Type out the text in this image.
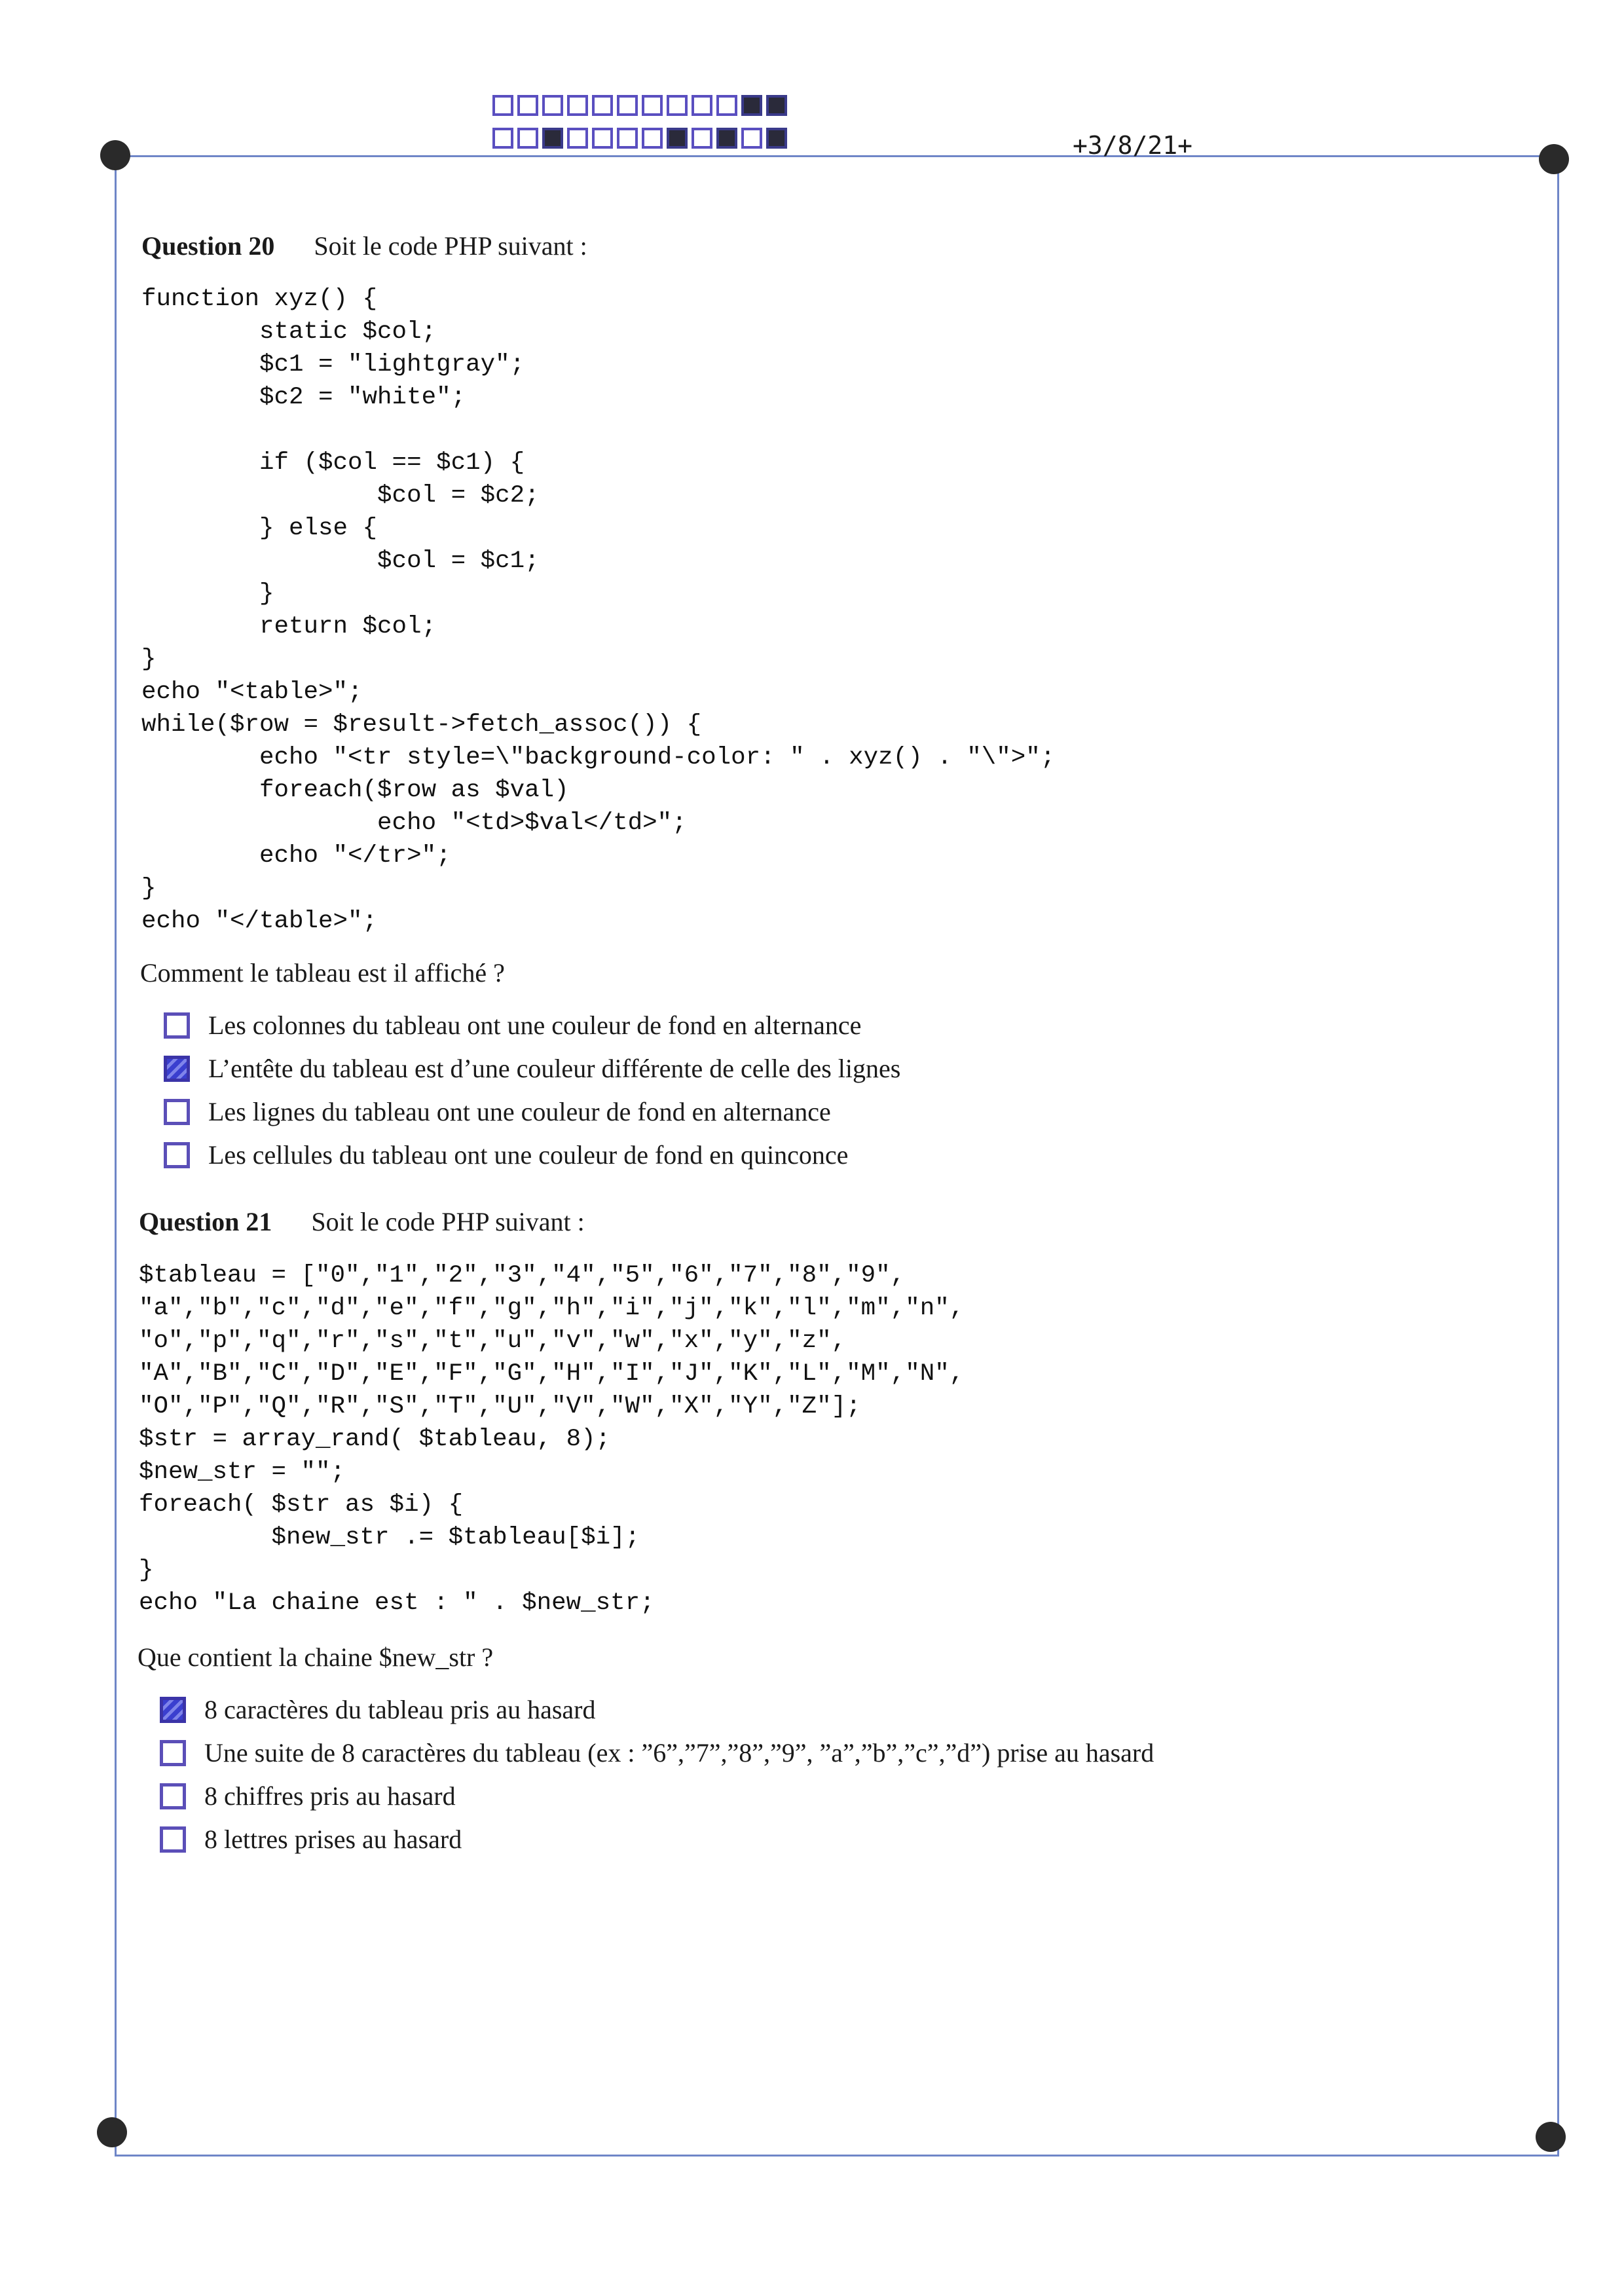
+3/8/21+
Question 20 Soit le code PHP suivant :
function xyz() {
static $col;
$c1 = "lightgray";
$c2 = "white";

if ($col == $c1) {
$col = $c2;
} else {
$col = $c1;
}
return $col;
}
echo "<table>";
while($row = $result->fetch_assoc()) {
echo "<tr style=\"background-color: " . xyz() . "\">";
foreach($row as $val)
echo "<td>$val</td>";
echo "</tr>";
}
echo "</table>";
Comment le tableau est il affiché ?
Les colonnes du tableau ont une couleur de fond en alternance
L’entête du tableau est d’une couleur différente de celle des lignes
Les lignes du tableau ont une couleur de fond en alternance
Les cellules du tableau ont une couleur de fond en quinconce
Question 21 Soit le code PHP suivant :
$tableau = ["0","1","2","3","4","5","6","7","8","9",
"a","b","c","d","e","f","g","h","i","j","k","l","m","n",
"o","p","q","r","s","t","u","v","w","x","y","z",
"A","B","C","D","E","F","G","H","I","J","K","L","M","N",
"O","P","Q","R","S","T","U","V","W","X","Y","Z"];
$str = array_rand( $tableau, 8);
$new_str = "";
foreach( $str as $i) {
$new_str .= $tableau[$i];
}
echo "La chaine est : " . $new_str;
Que contient la chaine $new_str ?
8 caractères du tableau pris au hasard
Une suite de 8 caractères du tableau (ex : ”6”,”7”,”8”,”9”, ”a”,”b”,”c”,”d”) prise au hasard
8 chiffres pris au hasard
8 lettres prises au hasard
